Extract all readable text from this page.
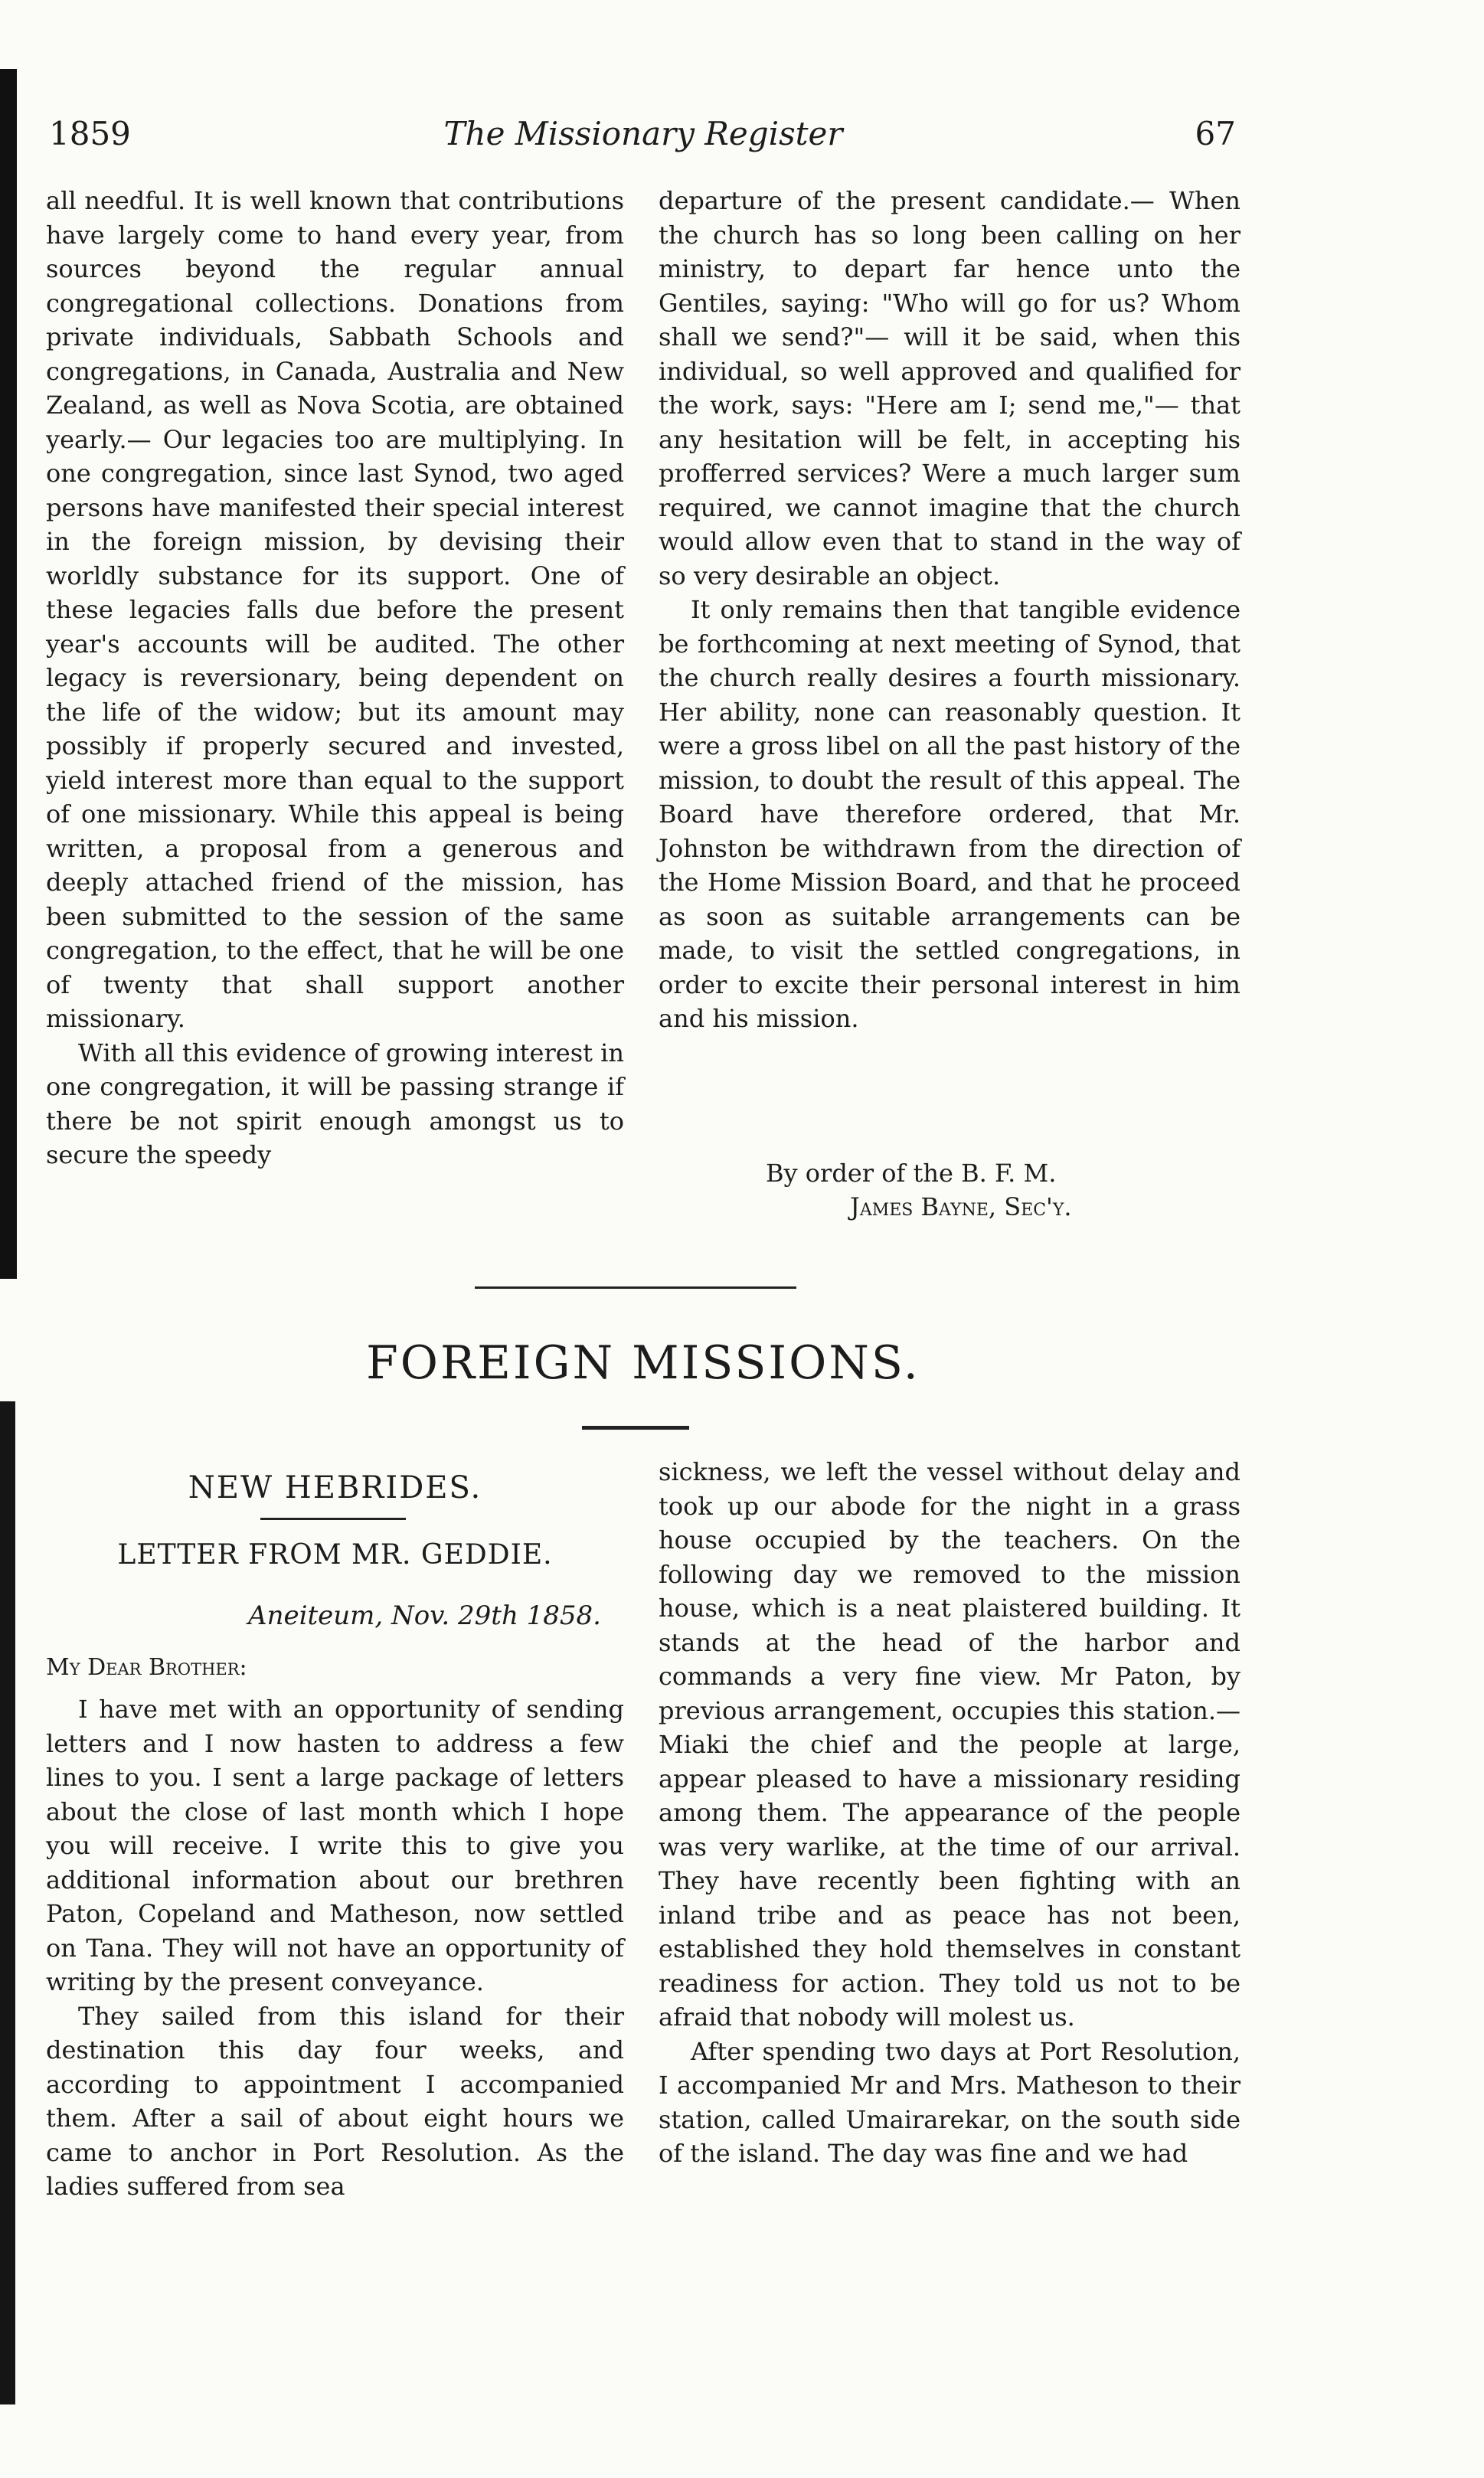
1859	The Missionary Register	67

all needful. It is well known that contributions have largely come to hand every year, from sources beyond the regular annual congregational collections. Donations from private individuals, Sabbath Schools and congregations, in Canada, Australia and New Zealand, as well as Nova Scotia, are obtained yearly.— Our legacies too are multiplying. In one congregation, since last Synod, two aged persons have manifested their special interest in the foreign mission, by devising their worldly substance for its support. One of these legacies falls due before the present year's accounts will be audited. The other legacy is reversionary, being dependent on the life of the widow; but its amount may possibly if properly secured and invested, yield interest more than equal to the support of one missionary. While this appeal is being written, a proposal from a generous and deeply attached friend of the mission, has been submitted to the session of the same congregation, to the effect, that he will be one of twenty that shall support another missionary.

With all this evidence of growing interest in one congregation, it will be passing strange if there be not spirit enough amongst us to secure the speedy

departure of the present candidate.— When the church has so long been calling on her ministry, to depart far hence unto the Gentiles, saying: "Who will go for us? Whom shall we send?"— will it be said, when this individual, so well approved and qualified for the work, says: "Here am I; send me,"— that any hesitation will be felt, in accepting his profferred services? Were a much larger sum required, we cannot imagine that the church would allow even that to stand in the way of so very desirable an object.

It only remains then that tangible evidence be forthcoming at next meeting of Synod, that the church really desires a fourth missionary. Her ability, none can reasonably question. It were a gross libel on all the past history of the mission, to doubt the result of this appeal. The Board have therefore ordered, that Mr. Johnston be withdrawn from the direction of the Home Mission Board, and that he proceed as soon as suitable arrangements can be made, to visit the settled congregations, in order to excite their personal interest in him and his mission.

By order of the B. F. M.
James Bayne, Sec'y.
FOREIGN MISSIONS.
NEW HEBRIDES.
LETTER FROM MR. GEDDIE.
Aneiteum, Nov. 29th 1858.
My Dear Brother:

I have met with an opportunity of sending letters and I now hasten to address a few lines to you. I sent a large package of letters about the close of last month which I hope you will receive. I write this to give you additional information about our brethren Paton, Copeland and Matheson, now settled on Tana. They will not have an opportunity of writing by the present conveyance.

They sailed from this island for their destination this day four weeks, and according to appointment I accompanied them. After a sail of about eight hours we came to anchor in Port Resolution. As the ladies suffered from sea

sickness, we left the vessel without delay and took up our abode for the night in a grass house occupied by the teachers. On the following day we removed to the mission house, which is a neat plaistered building. It stands at the head of the harbor and commands a very fine view. Mr Paton, by previous arrangement, occupies this station.— Miaki the chief and the people at large, appear pleased to have a missionary residing among them. The appearance of the people was very warlike, at the time of our arrival. They have recently been fighting with an inland tribe and as peace has not been, established they hold themselves in constant readiness for action. They told us not to be afraid that nobody will molest us.

After spending two days at Port Resolution, I accompanied Mr and Mrs. Matheson to their station, called Umairarekar, on the south side of the island. The day was fine and we had
